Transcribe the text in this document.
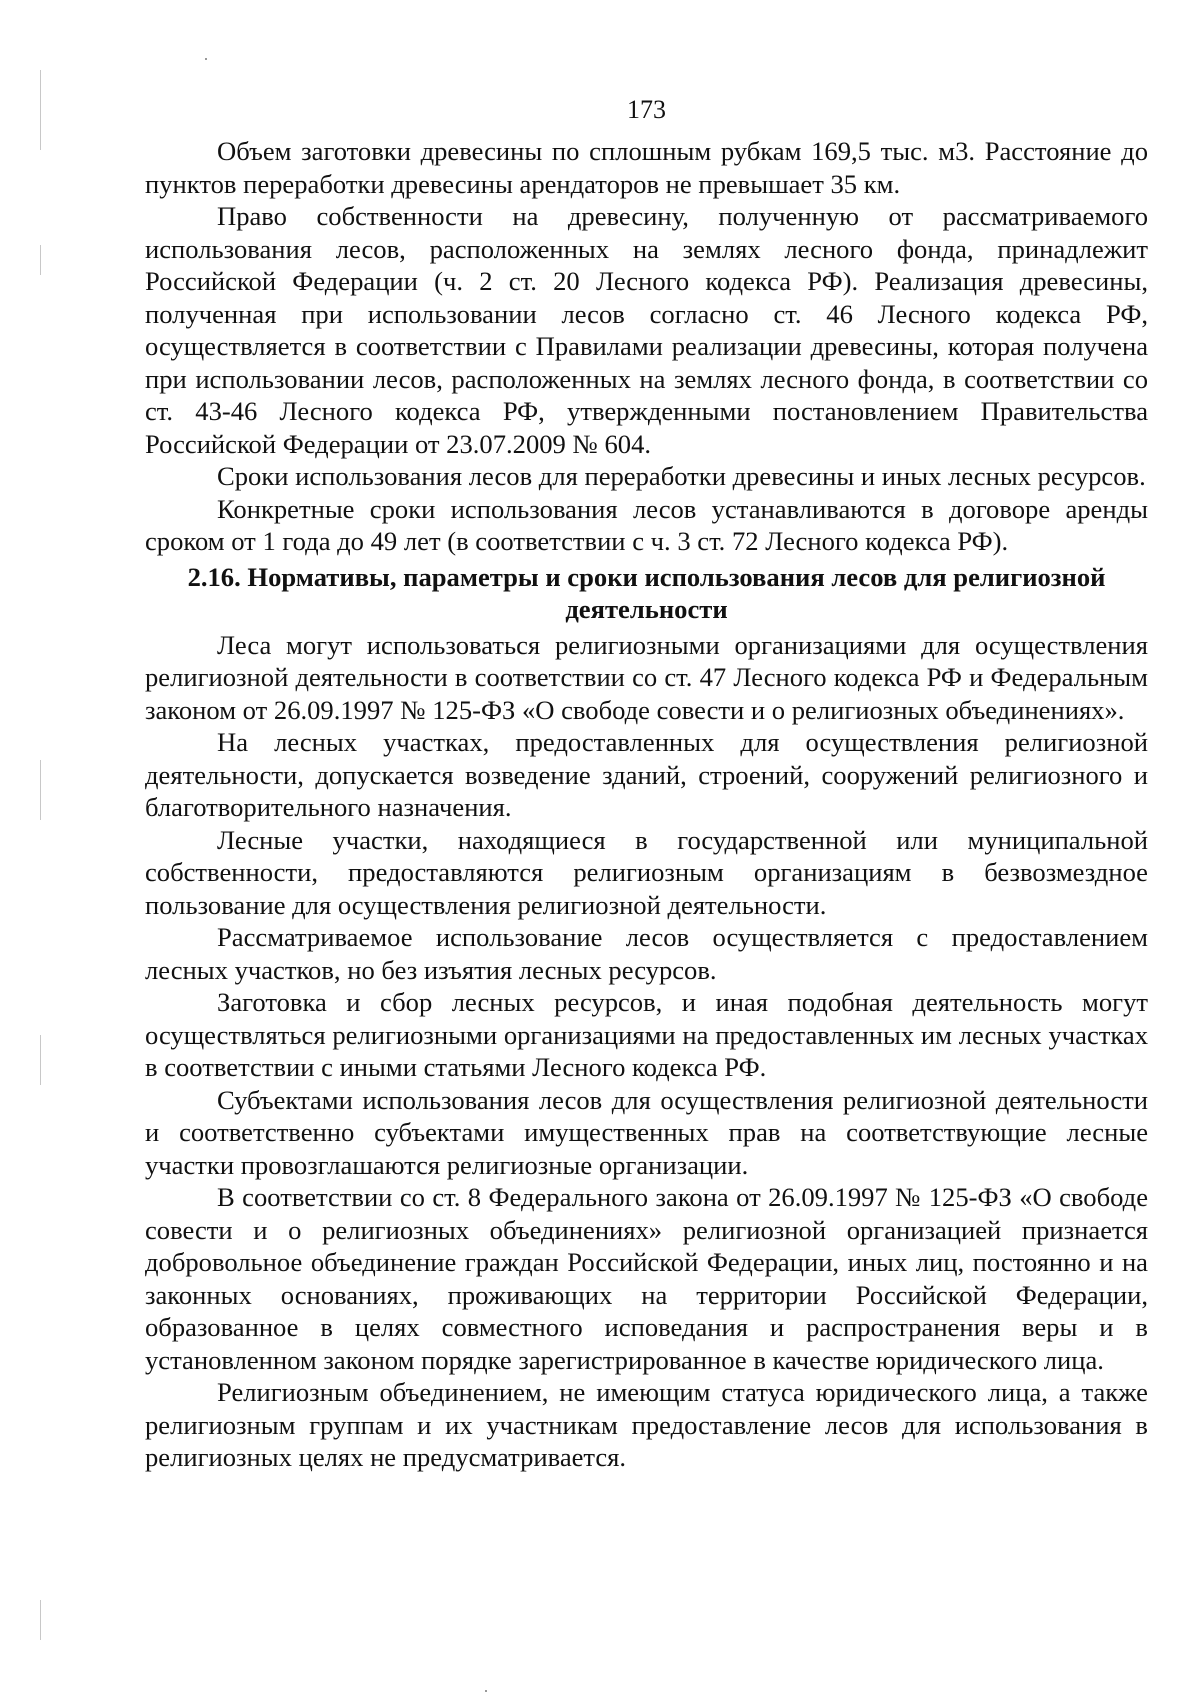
173

Объем заготовки древесины по сплошным рубкам 169,5 тыс. м3. Расстояние до пунктов переработки древесины арендаторов не превышает 35 км.

Право собственности на древесину, полученную от рассматриваемого использования лесов, расположенных на землях лесного фонда, принадлежит Российской Федерации (ч. 2 ст. 20 Лесного кодекса РФ). Реализация древесины, полученная при использовании лесов согласно ст. 46 Лесного кодекса РФ, осуществляется в соответствии с Правилами реализации древесины, которая получена при использовании лесов, расположенных на землях лесного фонда, в соответствии со ст. 43-46 Лесного кодекса РФ, утвержденными постановлением Правительства Российской Федерации от 23.07.2009 № 604.

Сроки использования лесов для переработки древесины и иных лесных ресурсов.

Конкретные сроки использования лесов устанавливаются в договоре аренды сроком от 1 года до 49 лет (в соответствии с ч. 3 ст. 72 Лесного кодекса РФ).

2.16. Нормативы, параметры и сроки использования лесов для религиозной деятельности

Леса могут использоваться религиозными организациями для осуществления религиозной деятельности в соответствии со ст. 47 Лесного кодекса РФ и Федеральным законом от 26.09.1997 № 125-ФЗ «О свободе совести и о религиозных объединениях».

На лесных участках, предоставленных для осуществления религиозной деятельности, допускается возведение зданий, строений, сооружений религиозного и благотворительного назначения.

Лесные участки, находящиеся в государственной или муниципальной собственности, предоставляются религиозным организациям в безвозмездное пользование для осуществления религиозной деятельности.

Рассматриваемое использование лесов осуществляется с предоставлением лесных участков, но без изъятия лесных ресурсов.

Заготовка и сбор лесных ресурсов, и иная подобная деятельность могут осуществляться религиозными организациями на предоставленных им лесных участках в соответствии с иными статьями Лесного кодекса РФ.

Субъектами использования лесов для осуществления религиозной деятельности и соответственно субъектами имущественных прав на соответствующие лесные участки провозглашаются религиозные организации.

В соответствии со ст. 8 Федерального закона от 26.09.1997 № 125-ФЗ «О свободе совести и о религиозных объединениях» религиозной организацией признается добровольное объединение граждан Российской Федерации, иных лиц, постоянно и на законных основаниях, проживающих на территории Российской Федерации, образованное в целях совместного исповедания и распространения веры и в установленном законом порядке зарегистрированное в качестве юридического лица.

Религиозным объединением, не имеющим статуса юридического лица, а также религиозным группам и их участникам предоставление лесов для использования в религиозных целях не предусматривается.
